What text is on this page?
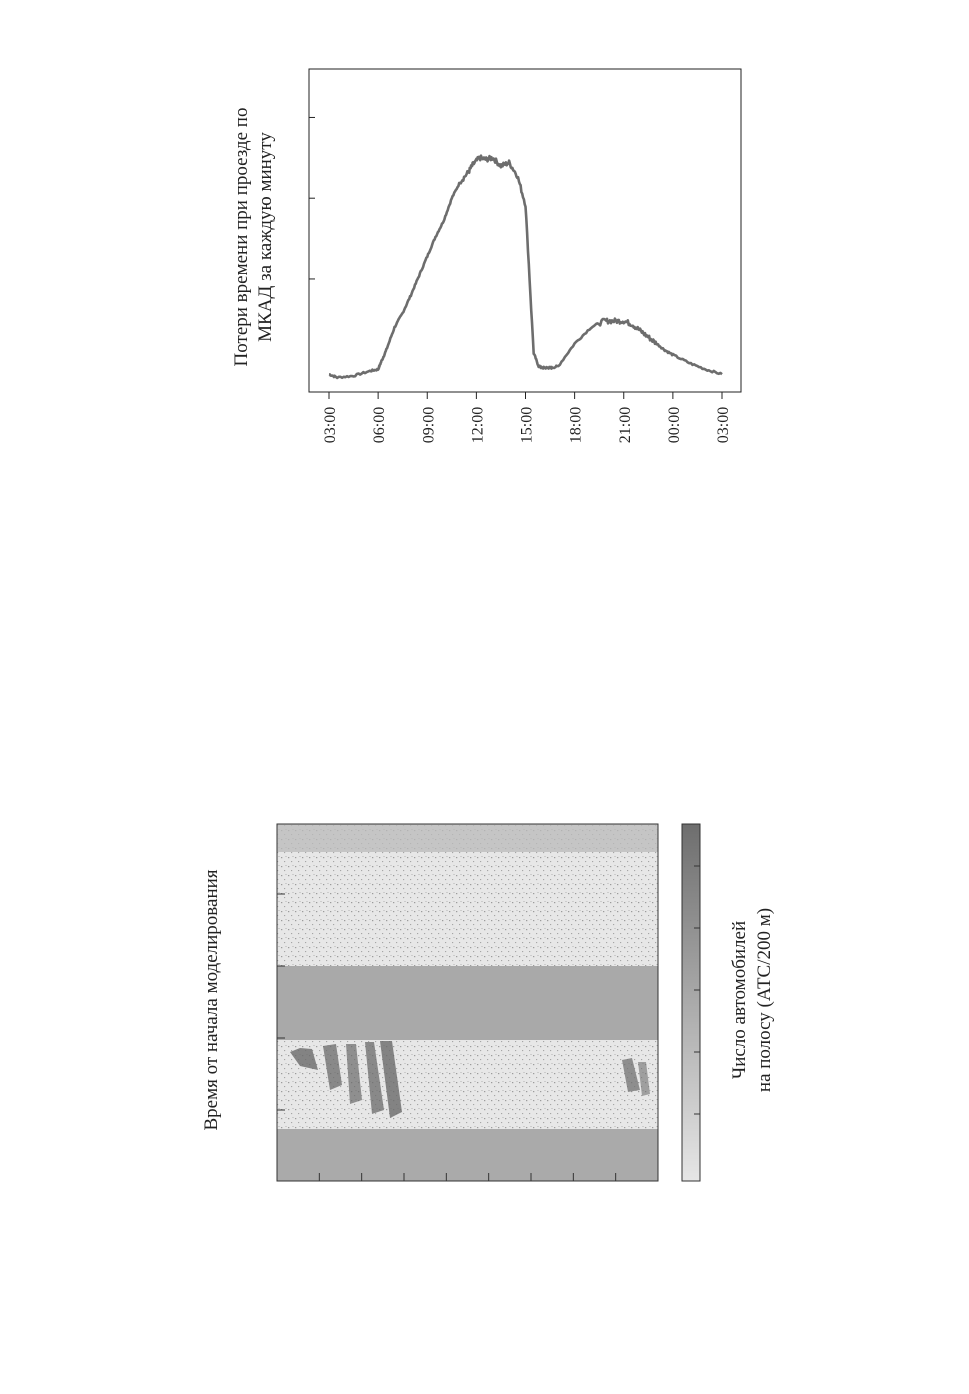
03:00 06:00 09:00 12:00 15:00 18:00 21:00 00:00 03:00
Потери времени при проезде по МКАД за каждую минуту
Время от начала моделирования	Число автомобилей на полосу (АТС/200 м)
